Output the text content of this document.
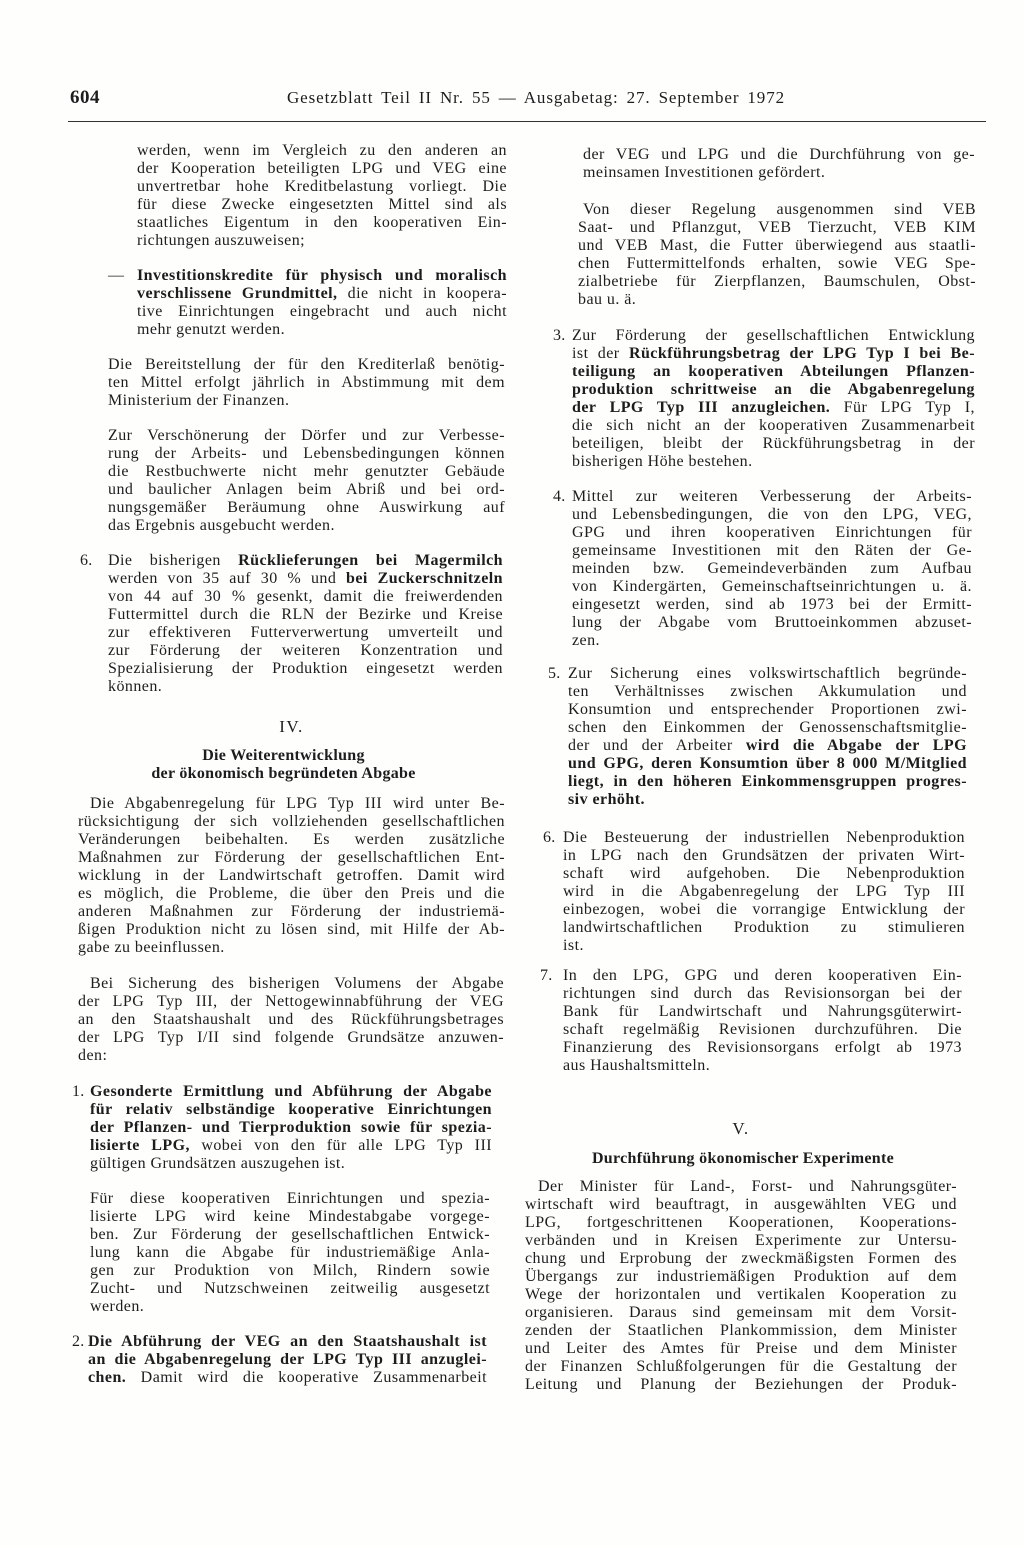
604	Gesetzblatt Teil II Nr. 55 — Ausgabetag: 27. September 1972
werden, wenn im Vergleich zu den anderen an
der Kooperation beteiligten LPG und VEG eine
unvertretbar hohe Kreditbelastung vorliegt. Die
für diese Zwecke eingesetzten Mittel sind als
staatliches Eigentum in den kooperativen Ein-
richtungen auszuweisen;
— Investitionskredite für physisch und moralisch
verschlissene Grundmittel, die nicht in koopera-
tive Einrichtungen eingebracht und auch nicht
mehr genutzt werden.
Die Bereitstellung der für den Krediterlaß benötig-
ten Mittel erfolgt jährlich in Abstimmung mit dem
Ministerium der Finanzen.
Zur Verschönerung der Dörfer und zur Verbesse-
rung der Arbeits- und Lebensbedingungen können
die Restbuchwerte nicht mehr genutzter Gebäude
und baulicher Anlagen beim Abriß und bei ord-
nungsgemäßer Beräumung ohne Auswirkung auf
das Ergebnis ausgebucht werden.
6. Die bisherigen Rücklieferungen bei Magermilch
werden von 35 auf 30 % und bei Zuckerschnitzeln
von 44 auf 30 % gesenkt, damit die freiwerdenden
Futtermittel durch die RLN der Bezirke und Kreise
zur effektiveren Futterverwertung umverteilt und
zur Förderung der weiteren Konzentration und
Spezialisierung der Produktion eingesetzt werden
können.
IV.
Die Weiterentwicklung
der ökonomisch begründeten Abgabe
Die Abgabenregelung für LPG Typ III wird unter Be-
rücksichtigung der sich vollziehenden gesellschaftlichen
Veränderungen beibehalten. Es werden zusätzliche
Maßnahmen zur Förderung der gesellschaftlichen Ent-
wicklung in der Landwirtschaft getroffen. Damit wird
es möglich, die Probleme, die über den Preis und die
anderen Maßnahmen zur Förderung der industriemä-
ßigen Produktion nicht zu lösen sind, mit Hilfe der Ab-
gabe zu beeinflussen.
Bei Sicherung des bisherigen Volumens der Abgabe
der LPG Typ III, der Nettogewinnabführung der VEG
an den Staatshaushalt und des Rückführungsbetrages
der LPG Typ I/II sind folgende Grundsätze anzuwen-
den:
1. Gesonderte Ermittlung und Abführung der Abgabe
für relativ selbständige kooperative Einrichtungen
der Pflanzen- und Tierproduktion sowie für spezia-
lisierte LPG, wobei von den für alle LPG Typ III
gültigen Grundsätzen auszugehen ist.
Für diese kooperativen Einrichtungen und spezia-
lisierte LPG wird keine Mindestabgabe vorgege-
ben. Zur Förderung der gesellschaftlichen Entwick-
lung kann die Abgabe für industriemäßige Anla-
gen zur Produktion von Milch, Rindern sowie
Zucht- und Nutzschweinen zeitweilig ausgesetzt
werden.
2. Die Abführung der VEG an den Staatshaushalt ist
an die Abgabenregelung der LPG Typ III anzuglei-
chen. Damit wird die kooperative Zusammenarbeit
der VEG und LPG und die Durchführung von ge-
meinsamen Investitionen gefördert.
Von dieser Regelung ausgenommen sind VEB
Saat- und Pflanzgut, VEB Tierzucht, VEB KIM
und VEB Mast, die Futter überwiegend aus staatli-
chen Futtermittelfonds erhalten, sowie VEG Spe-
zialbetriebe für Zierpflanzen, Baumschulen, Obst-
bau u. ä.
3. Zur Förderung der gesellschaftlichen Entwicklung
ist der Rückführungsbetrag der LPG Typ I bei Be-
teiligung an kooperativen Abteilungen Pflanzen-
produktion schrittweise an die Abgabenregelung
der LPG Typ III anzugleichen. Für LPG Typ I,
die sich nicht an der kooperativen Zusammenarbeit
beteiligen, bleibt der Rückführungsbetrag in der
bisherigen Höhe bestehen.
4. Mittel zur weiteren Verbesserung der Arbeits-
und Lebensbedingungen, die von den LPG, VEG,
GPG und ihren kooperativen Einrichtungen für
gemeinsame Investitionen mit den Räten der Ge-
meinden bzw. Gemeindeverbänden zum Aufbau
von Kindergärten, Gemeinschaftseinrichtungen u. ä.
eingesetzt werden, sind ab 1973 bei der Ermitt-
lung der Abgabe vom Bruttoeinkommen abzuset-
zen.
5. Zur Sicherung eines volkswirtschaftlich begründe-
ten Verhältnisses zwischen Akkumulation und
Konsumtion und entsprechender Proportionen zwi-
schen den Einkommen der Genossenschaftsmitglie-
der und der Arbeiter wird die Abgabe der LPG
und GPG, deren Konsumtion über 8 000 M/Mitglied
liegt, in den höheren Einkommensgruppen progres-
siv erhöht.
6. Die Besteuerung der industriellen Nebenproduktion
in LPG nach den Grundsätzen der privaten Wirt-
schaft wird aufgehoben. Die Nebenproduktion
wird in die Abgabenregelung der LPG Typ III
einbezogen, wobei die vorrangige Entwicklung der
landwirtschaftlichen Produktion zu stimulieren
ist.
7. In den LPG, GPG und deren kooperativen Ein-
richtungen sind durch das Revisionsorgan bei der
Bank für Landwirtschaft und Nahrungsgüterwirt-
schaft regelmäßig Revisionen durchzuführen. Die
Finanzierung des Revisionsorgans erfolgt ab 1973
aus Haushaltsmitteln.
V.
Durchführung ökonomischer Experimente
Der Minister für Land-, Forst- und Nahrungsgüter-
wirtschaft wird beauftragt, in ausgewählten VEG und
LPG, fortgeschrittenen Kooperationen, Kooperations-
verbänden und in Kreisen Experimente zur Untersu-
chung und Erprobung der zweckmäßigsten Formen des
Übergangs zur industriemäßigen Produktion auf dem
Wege der horizontalen und vertikalen Kooperation zu
organisieren. Daraus sind gemeinsam mit dem Vorsit-
zenden der Staatlichen Plankommission, dem Minister
und Leiter des Amtes für Preise und dem Minister
der Finanzen Schlußfolgerungen für die Gestaltung der
Leitung und Planung der Beziehungen der Produk-
